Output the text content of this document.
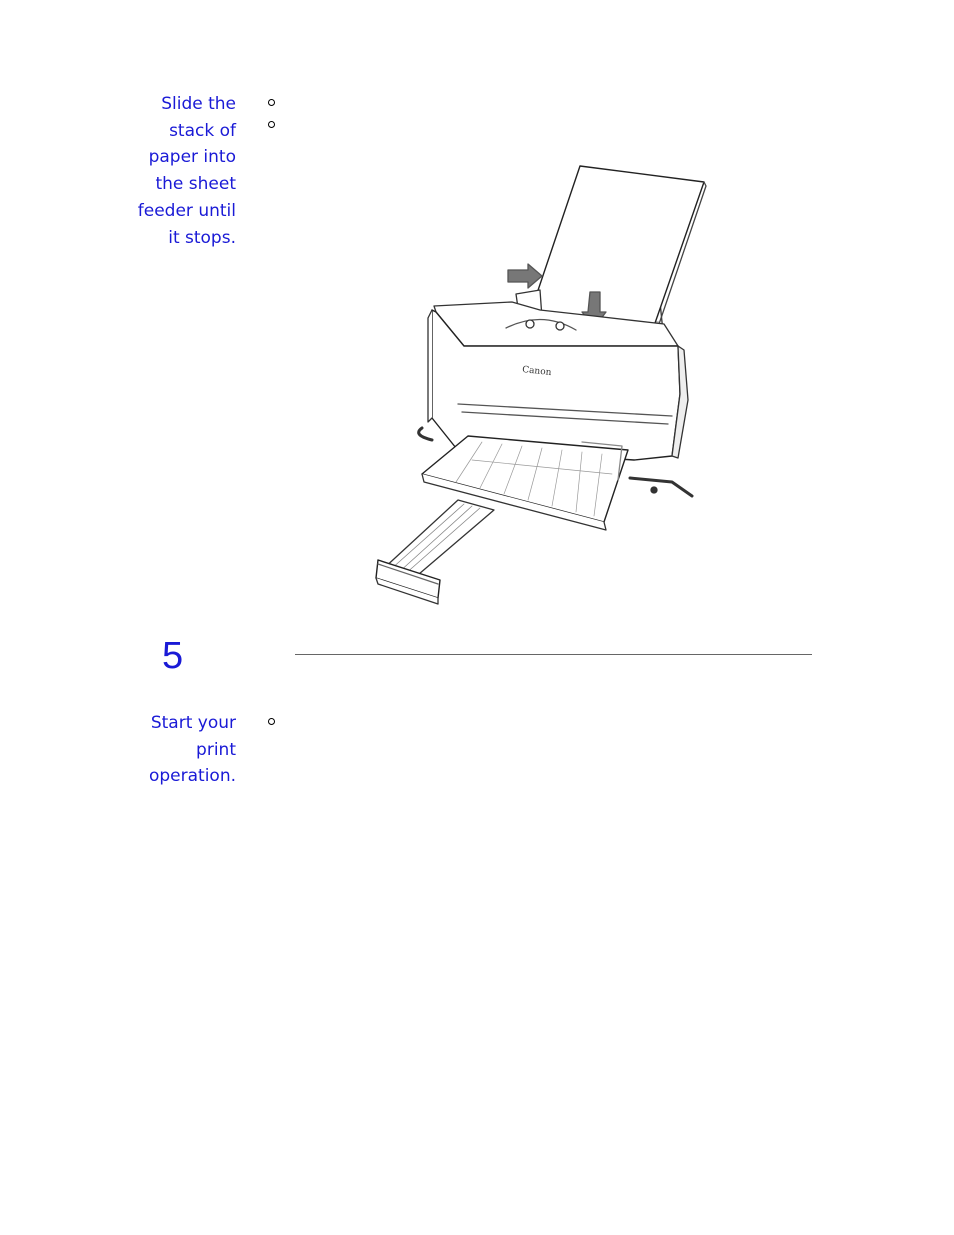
Slide the
stack of
paper into
the sheet
feeder until
it stops.
Canon
5
Start your
print
operation.
